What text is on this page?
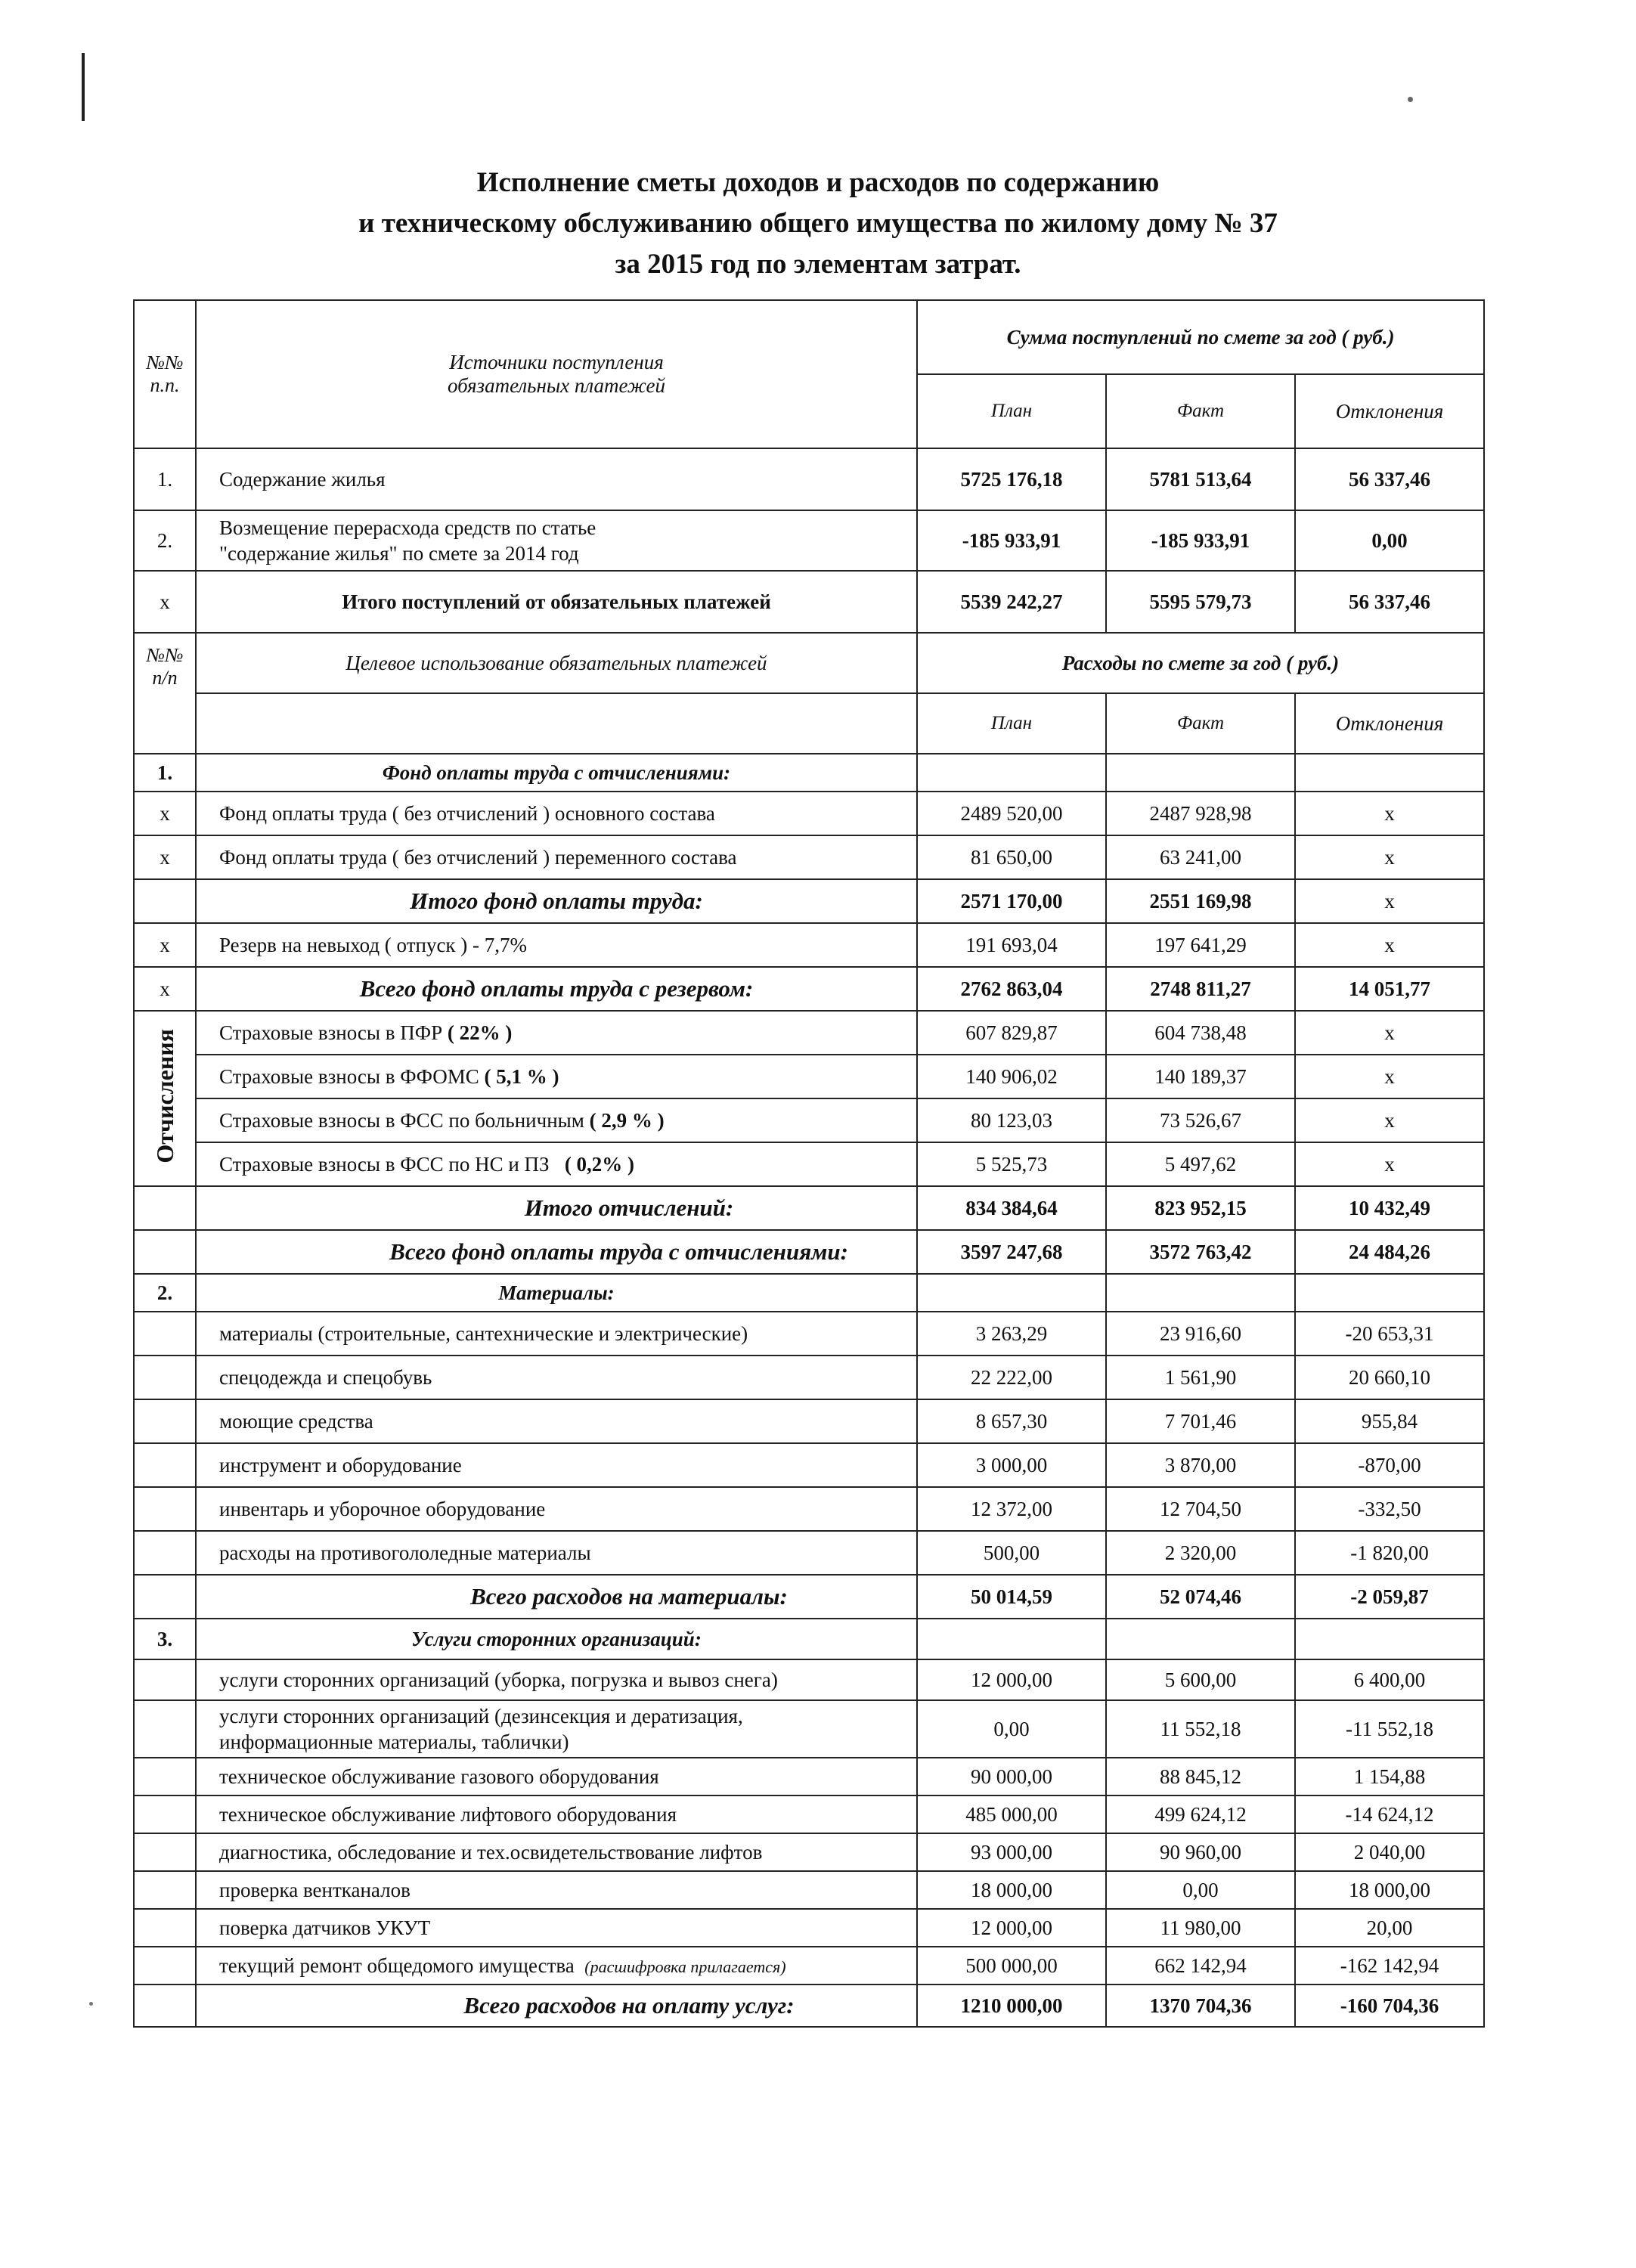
Исполнение сметы доходов и расходов по содержанию
и техническому обслуживанию общего имущества по жилому дому № 37
за 2015 год по элементам затрат.
№№ п.п.	Источники поступления обязательных платежей	Сумма поступлений по смете за год ( руб.)		
		План	Факт	Отклонения
1.	Содержание жилья	5725 176,18	5781 513,64	56 337,46
2.	Возмещение перерасхода средств по статье "содержание жилья" по смете за 2014 год	-185 933,91	-185 933,91	0,00
х	Итого поступлений от обязательных платежей	5539 242,27	5595 579,73	56 337,46
№№ п/п	Целевое использование обязательных платежей	Расходы по смете за год ( руб.)		
		План	Факт	Отклонения
1.	Фонд оплаты труда с отчислениями:			
х	Фонд оплаты труда ( без отчислений ) основного состава	2489 520,00	2487 928,98	х
х	Фонд оплаты труда ( без отчислений ) переменного состава	81 650,00	63 241,00	х
	Итого фонд оплаты труда:	2571 170,00	2551 169,98	х
х	Резерв на невыход ( отпуск ) - 7,7%	191 693,04	197 641,29	х
х	Всего фонд оплаты труда с резервом:	2762 863,04	2748 811,27	14 051,77
Отчисления	Страховые взносы в ПФР ( 22% )	607 829,87	604 738,48	х
	Страховые взносы в ФФОМС ( 5,1 % )	140 906,02	140 189,37	х
	Страховые взносы в ФСС по больничным ( 2,9 % )	80 123,03	73 526,67	х
	Страховые взносы в ФСС по НС и ПЗ ( 0,2% )	5 525,73	5 497,62	х
	Итого отчислений:	834 384,64	823 952,15	10 432,49
	Всего фонд оплаты труда с отчислениями:	3597 247,68	3572 763,42	24 484,26
2.	Материалы:			
	материалы (строительные, сантехнические и электрические)	3 263,29	23 916,60	-20 653,31
	спецодежда и спецобувь	22 222,00	1 561,90	20 660,10
	моющие средства	8 657,30	7 701,46	955,84
	инструмент и оборудование	3 000,00	3 870,00	-870,00
	инвентарь и уборочное оборудование	12 372,00	12 704,50	-332,50
	расходы на противогололедные материалы	500,00	2 320,00	-1 820,00
	Всего расходов на материалы:	50 014,59	52 074,46	-2 059,87
3.	Услуги сторонних организаций:			
	услуги сторонних организаций (уборка, погрузка и вывоз снега)	12 000,00	5 600,00	6 400,00
	услуги сторонних организаций (дезинсекция и дератизация, информационные материалы, таблички)	0,00	11 552,18	-11 552,18
	техническое обслуживание газового оборудования	90 000,00	88 845,12	1 154,88
	техническое обслуживание лифтового оборудования	485 000,00	499 624,12	-14 624,12
	диагностика, обследование и тех.освидетельствование лифтов	93 000,00	90 960,00	2 040,00
	проверка вентканалов	18 000,00	0,00	18 000,00
	поверка датчиков УКУТ	12 000,00	11 980,00	20,00
	текущий ремонт общедомого имущества (расшифровка прилагается)	500 000,00	662 142,94	-162 142,94
	Всего расходов на оплату услуг:	1210 000,00	1370 704,36	-160 704,36
